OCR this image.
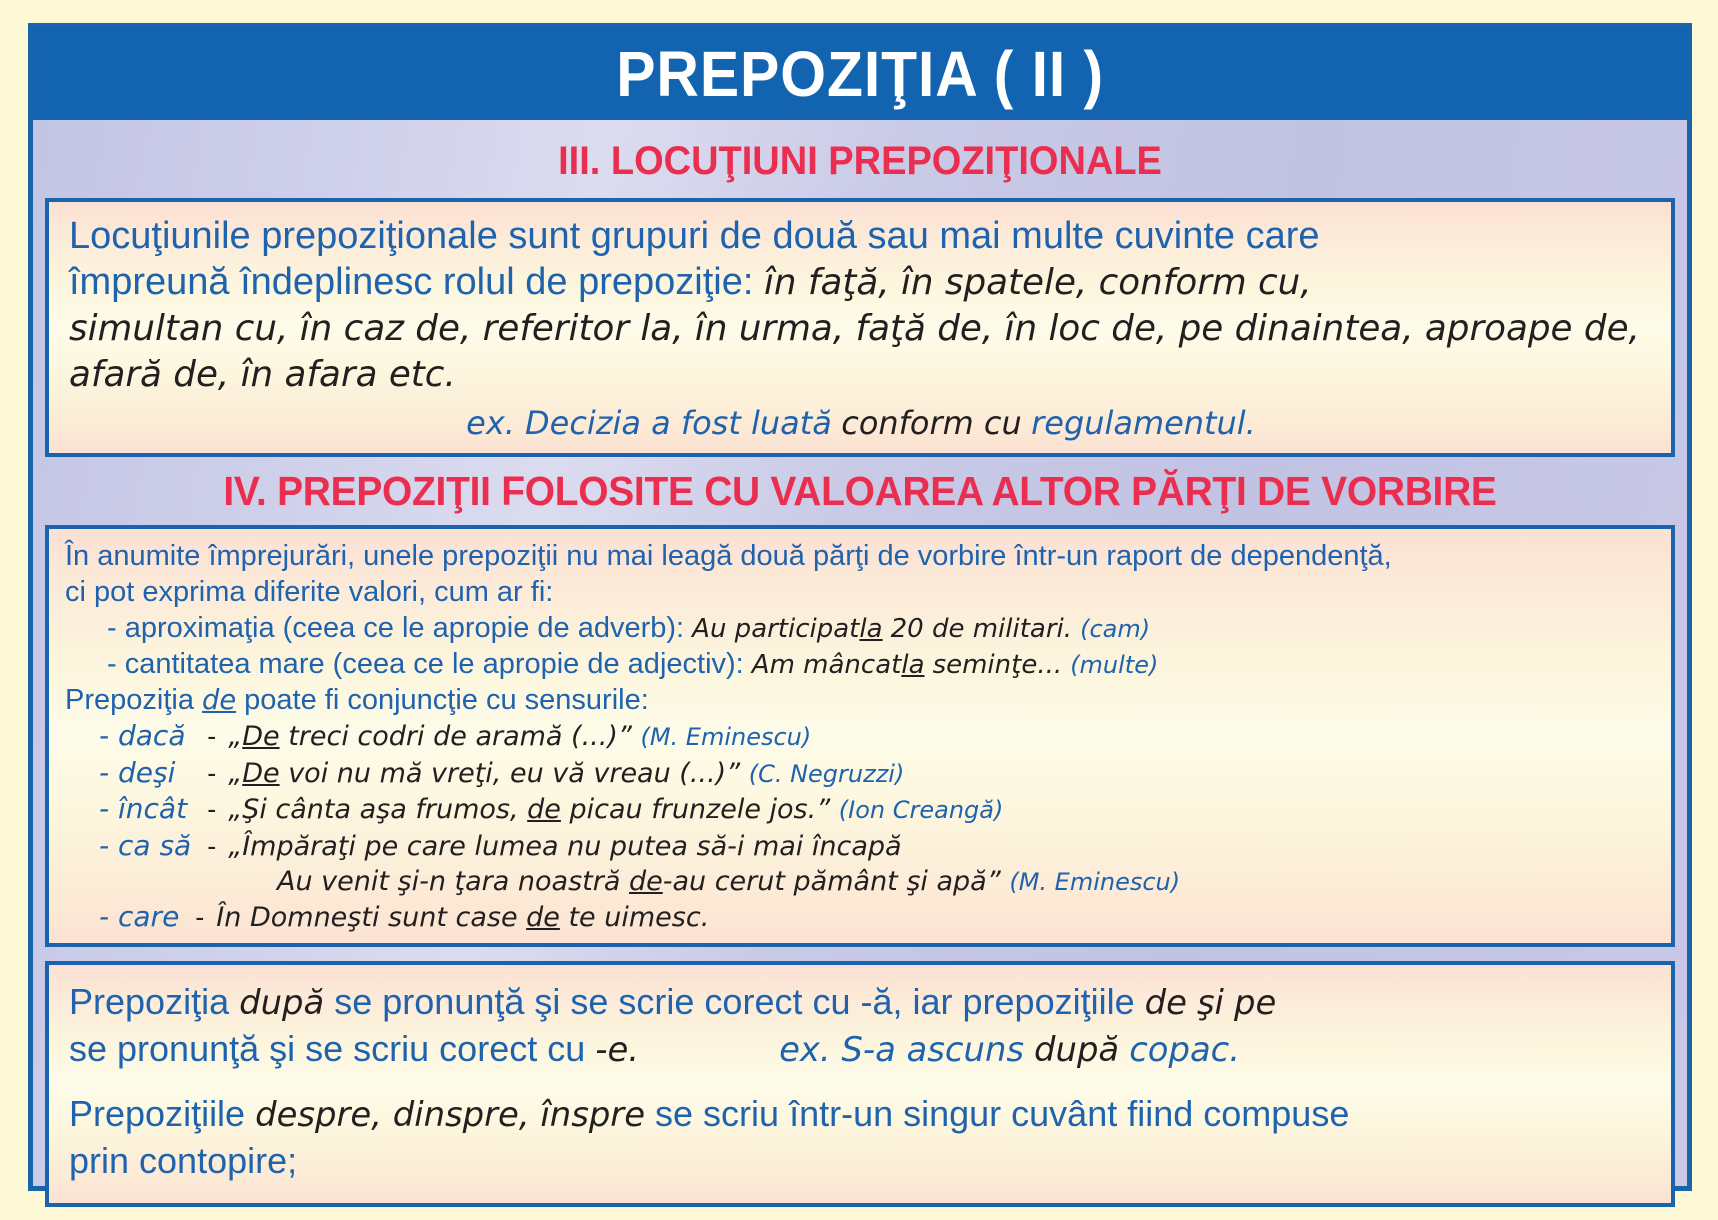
PREPOZIŢIA ( II )
III. LOCUŢIUNI PREPOZIŢIONALE
Locuţiunile prepoziţionale sunt grupuri de două sau mai multe cuvinte care
împreună îndeplinesc rolul de prepoziţie: în faţă, în spatele, conform cu,
simultan cu, în caz de, referitor la, în urma, faţă de, în loc de, pe dinaintea, aproape de,
afară de, în afara etc.
ex. Decizia a fost luată conform cu regulamentul.
IV. PREPOZIŢII FOLOSITE CU VALOAREA ALTOR PĂRŢI DE VORBIRE
În anumite împrejurări, unele prepoziţii nu mai leagă două părţi de vorbire într-un raport de dependenţă,
ci pot exprima diferite valori, cum ar fi:
- aproximaţia (ceea ce le apropie de adverb): Au participatla 20 de militari. (cam)
- cantitatea mare (ceea ce le apropie de adjectiv): Am mâncatla seminţe... (multe)
Prepoziţia de poate fi conjuncţie cu sensurile:
- dacă	-	„De treci codri de aramă (...)” (M. Eminescu)
- deşi	-	„De voi nu mă vreţi, eu vă vreau (...)” (C. Negruzzi)
- încât	-	„Şi cânta aşa frumos, de picau frunzele jos.” (Ion Creangă)
- ca să	-	„Împăraţi pe care lumea nu putea să-i mai încapă
Au venit şi-n ţara noastră de-au cerut pământ şi apă” (M. Eminescu)
- care	-	În Domneşti sunt case de te uimesc.
Prepoziţia după se pronunţă şi se scrie corect cu -ă, iar prepoziţiile de şi pe
se pronunţă şi se scriu corect cu -e.	ex. S-a ascuns după copac.
Prepoziţiile despre, dinspre, înspre se scriu într-un singur cuvânt fiind compuse
prin contopire;
